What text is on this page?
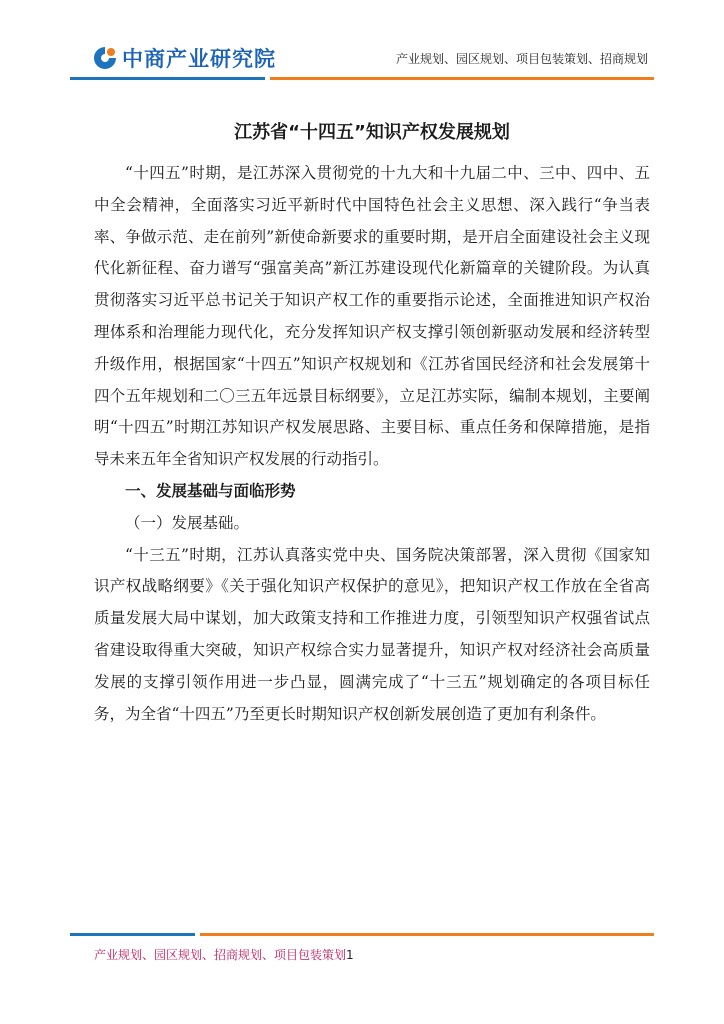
中商产业研究院	产业规划、园区规划、项目包装策划、招商规划
江苏省“十四五”知识产权发展规划

“十四五”时期，是江苏深入贯彻党的十九大和十九届二中、三中、四中、五中全会精神，全面落实习近平新时代中国特色社会主义思想、深入践行“争当表率、争做示范、走在前列”新使命新要求的重要时期，是开启全面建设社会主义现代化新征程、奋力谱写“强富美高”新江苏建设现代化新篇章的关键阶段。为认真贯彻落实习近平总书记关于知识产权工作的重要指示论述，全面推进知识产权治理体系和治理能力现代化，充分发挥知识产权支撑引领创新驱动发展和经济转型升级作用，根据国家“十四五”知识产权规划和《江苏省国民经济和社会发展第十四个五年规划和二〇三五年远景目标纲要》，立足江苏实际，编制本规划，主要阐明“十四五”时期江苏知识产权发展思路、主要目标、重点任务和保障措施，是指导未来五年全省知识产权发展的行动指引。

一、发展基础与面临形势

（一）发展基础。

“十三五”时期，江苏认真落实党中央、国务院决策部署，深入贯彻《国家知识产权战略纲要》《关于强化知识产权保护的意见》，把知识产权工作放在全省高质量发展大局中谋划，加大政策支持和工作推进力度，引领型知识产权强省试点省建设取得重大突破，知识产权综合实力显著提升，知识产权对经济社会高质量发展的支撑引领作用进一步凸显，圆满完成了“十三五”规划确定的各项目标任务，为全省“十四五”乃至更长时期知识产权创新发展创造了更加有利条件。

产业规划、园区规划、招商规划、项目包装策划1
